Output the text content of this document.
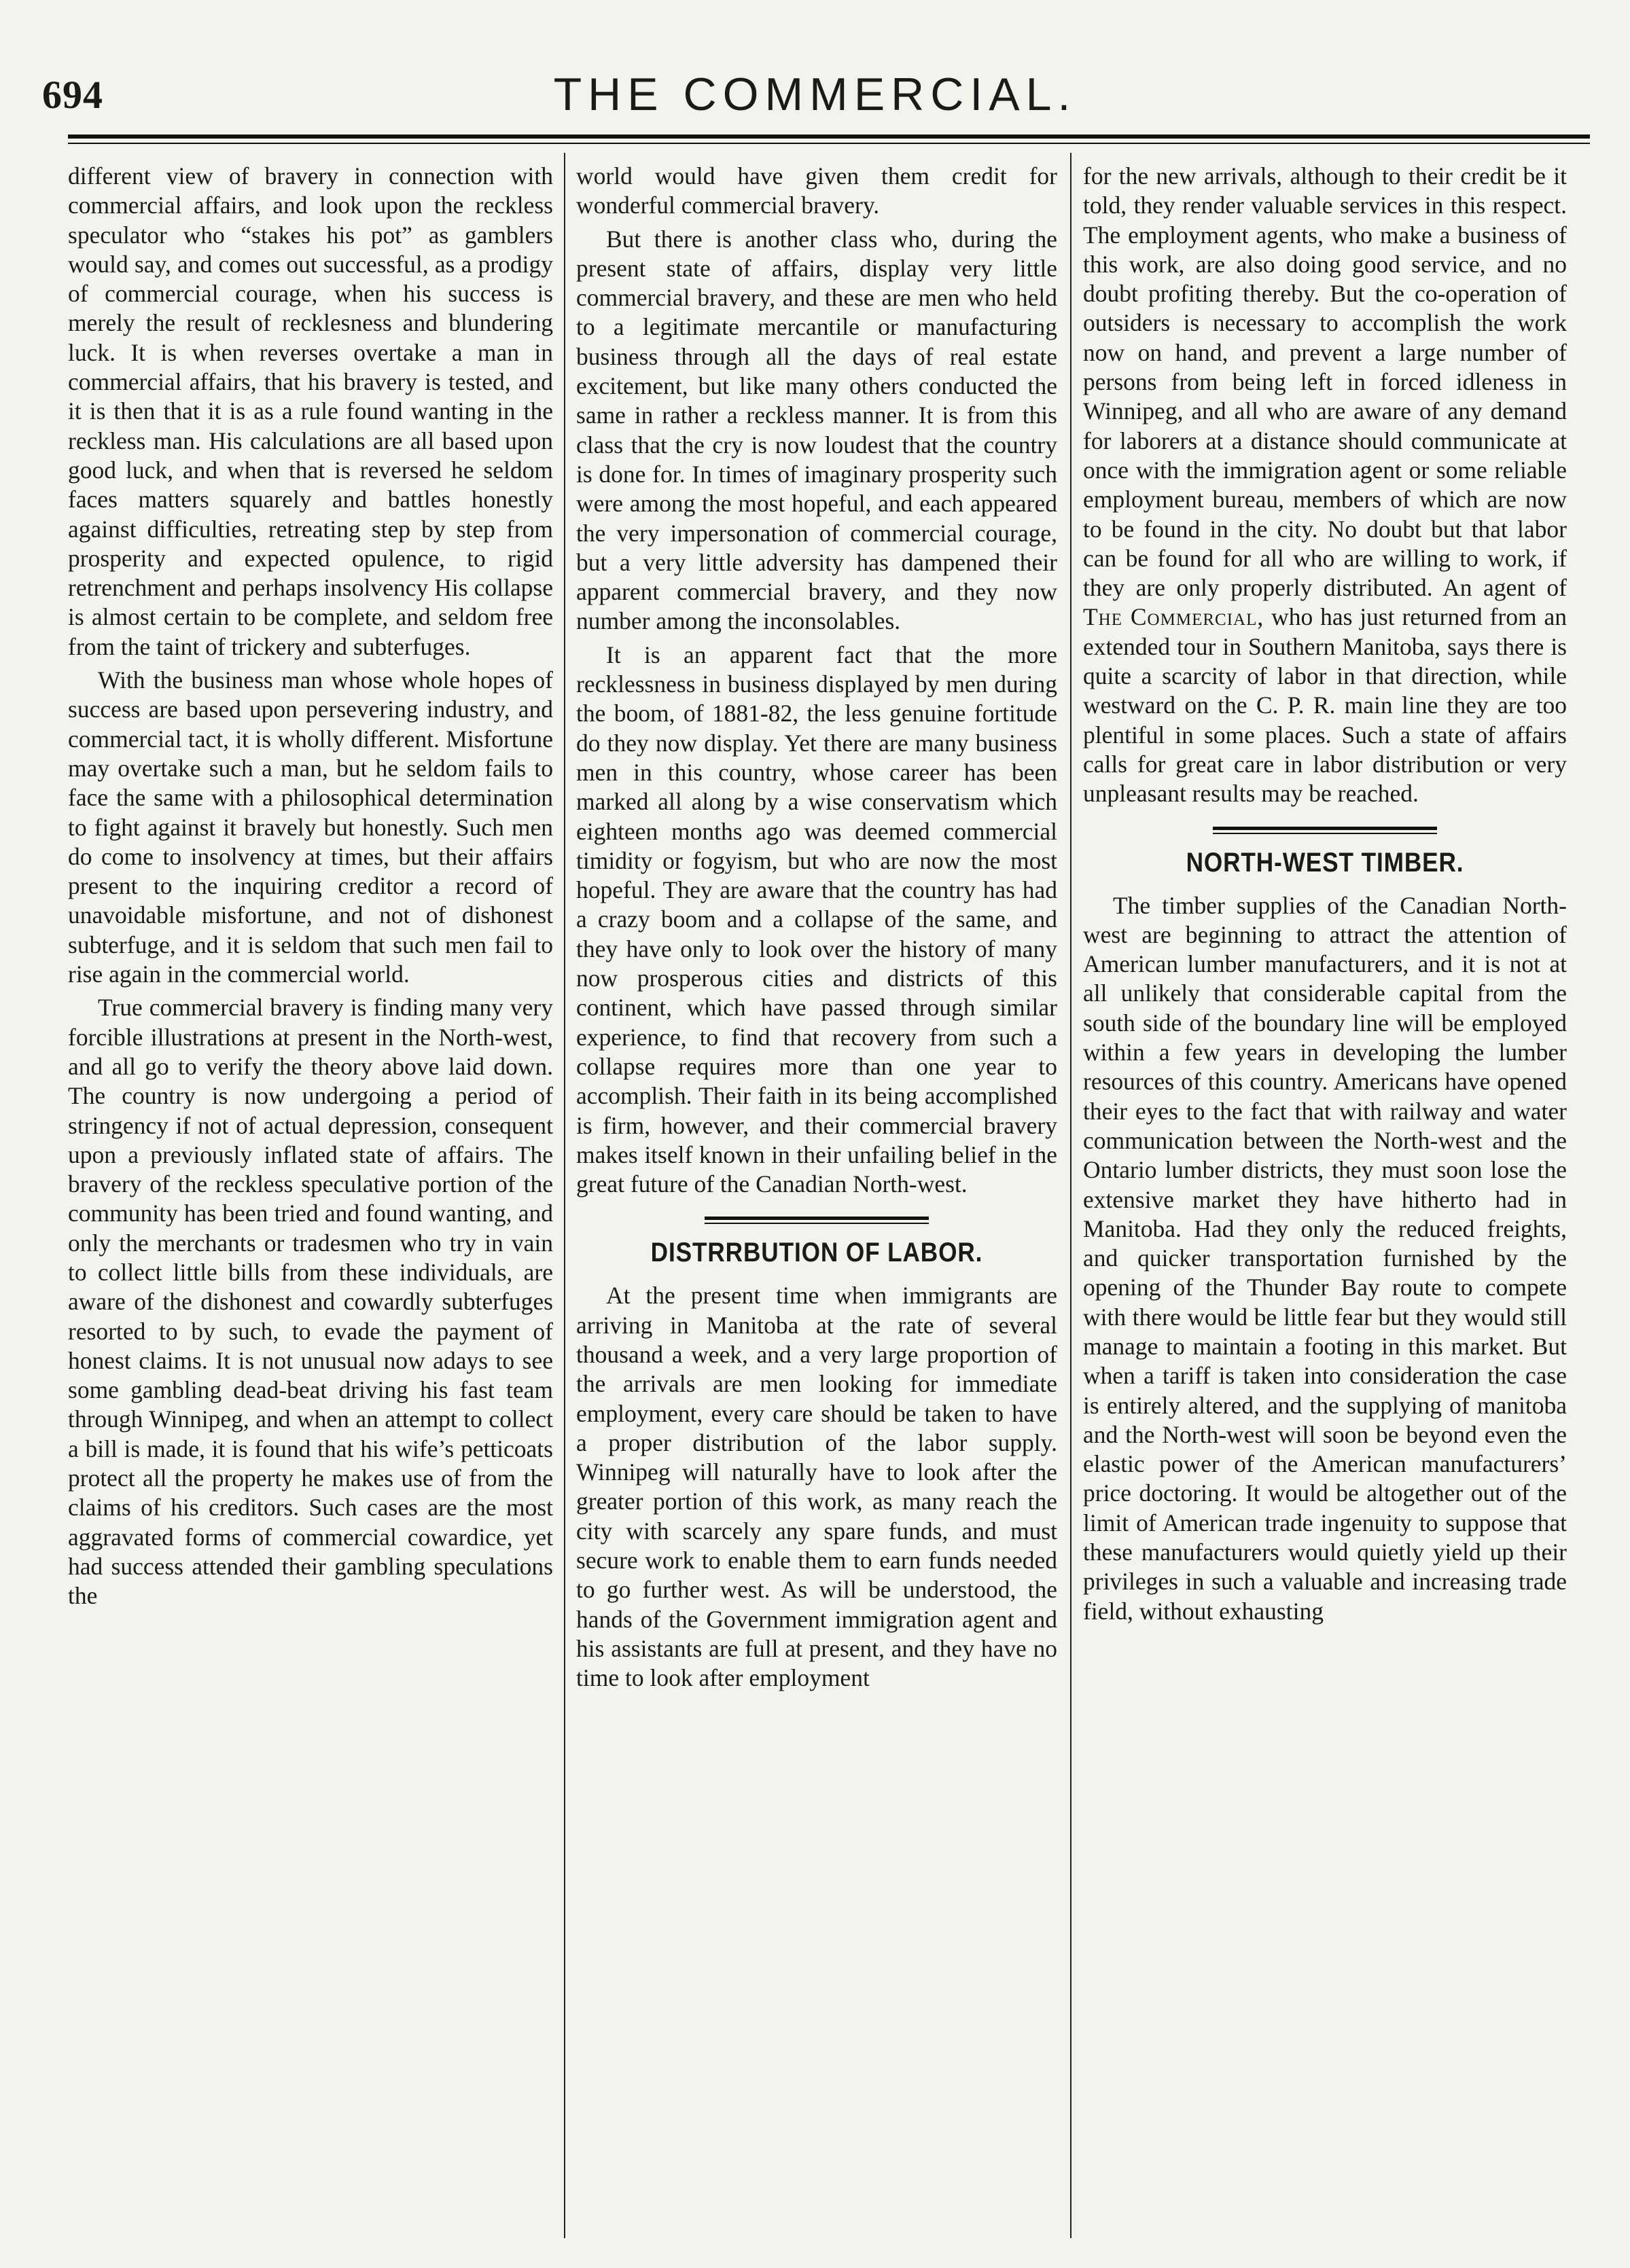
694	THE COMMERCIAL.

different view of bravery in connection with commercial affairs, and look upon the reckless speculator who “stakes his pot” as gamblers would say, and comes out successful, as a prodigy of commercial courage, when his success is merely the result of recklesness and blundering luck. It is when reverses overtake a man in commercial affairs, that his bravery is tested, and it is then that it is as a rule found wanting in the reckless man. His calculations are all based upon good luck, and when that is reversed he seldom faces matters squarely and battles honestly against difficulties, retreating step by step from prosperity and expected opulence, to rigid retrenchment and perhaps insolvency His collapse is almost certain to be complete, and seldom free from the taint of trickery and subterfuges.

With the business man whose whole hopes of success are based upon persevering industry, and commercial tact, it is wholly different. Misfortune may overtake such a man, but he seldom fails to face the same with a philosophical determination to fight against it bravely but honestly. Such men do come to insolvency at times, but their affairs present to the inquiring creditor a record of unavoidable misfortune, and not of dishonest subterfuge, and it is seldom that such men fail to rise again in the commercial world.

True commercial bravery is finding many very forcible illustrations at present in the North-west, and all go to verify the theory above laid down. The country is now undergoing a period of stringency if not of actual depression, consequent upon a previously inflated state of affairs. The bravery of the reckless speculative portion of the community has been tried and found wanting, and only the merchants or tradesmen who try in vain to collect little bills from these individuals, are aware of the dishonest and cowardly subterfuges resorted to by such, to evade the payment of honest claims. It is not unusual now adays to see some gambling dead-beat driving his fast team through Winnipeg, and when an attempt to collect a bill is made, it is found that his wife’s petticoats protect all the property he makes use of from the claims of his creditors. Such cases are the most aggravated forms of commercial cowardice, yet had success attended their gambling speculations the

world would have given them credit for wonderful commercial bravery.

But there is another class who, during the present state of affairs, display very little commercial bravery, and these are men who held to a legitimate mercantile or manufacturing business through all the days of real estate excitement, but like many others conducted the same in rather a reckless manner. It is from this class that the cry is now loudest that the country is done for. In times of imaginary prosperity such were among the most hopeful, and each appeared the very impersonation of commercial courage, but a very little adversity has dampened their apparent commercial bravery, and they now number among the inconsolables.

It is an apparent fact that the more recklessness in business displayed by men during the boom, of 1881-82, the less genuine fortitude do they now display. Yet there are many business men in this country, whose career has been marked all along by a wise conservatism which eighteen months ago was deemed commercial timidity or fogyism, but who are now the most hopeful. They are aware that the country has had a crazy boom and a collapse of the same, and they have only to look over the history of many now prosperous cities and districts of this continent, which have passed through similar experience, to find that recovery from such a collapse requires more than one year to accomplish. Their faith in its being accomplished is firm, however, and their commercial bravery makes itself known in their unfailing belief in the great future of the Canadian North-west.

DISTRRBUTION OF LABOR.

At the present time when immigrants are arriving in Manitoba at the rate of several thousand a week, and a very large proportion of the arrivals are men looking for immediate employment, every care should be taken to have a proper distribution of the labor supply. Winnipeg will naturally have to look after the greater portion of this work, as many reach the city with scarcely any spare funds, and must secure work to enable them to earn funds needed to go further west. As will be understood, the hands of the Government immigration agent and his assistants are full at present, and they have no time to look after employment

for the new arrivals, although to their credit be it told, they render valuable services in this respect. The employment agents, who make a business of this work, are also doing good service, and no doubt profiting thereby. But the co-operation of outsiders is necessary to accomplish the work now on hand, and prevent a large number of persons from being left in forced idleness in Winnipeg, and all who are aware of any demand for laborers at a distance should communicate at once with the immigration agent or some reliable employment bureau, members of which are now to be found in the city. No doubt but that labor can be found for all who are willing to work, if they are only properly distributed. An agent of The Commercial, who has just returned from an extended tour in Southern Manitoba, says there is quite a scarcity of labor in that direction, while westward on the C. P. R. main line they are too plentiful in some places. Such a state of affairs calls for great care in labor distribution or very unpleasant results may be reached.

NORTH-WEST TIMBER.

The timber supplies of the Canadian North-west are beginning to attract the attention of American lumber manufacturers, and it is not at all unlikely that considerable capital from the south side of the boundary line will be employed within a few years in developing the lumber resources of this country. Americans have opened their eyes to the fact that with railway and water communication between the North-west and the Ontario lumber districts, they must soon lose the extensive market they have hitherto had in Manitoba. Had they only the reduced freights, and quicker transportation furnished by the opening of the Thunder Bay route to compete with there would be little fear but they would still manage to maintain a footing in this market. But when a tariff is taken into consideration the case is entirely altered, and the supplying of manitoba and the North-west will soon be beyond even the elastic power of the American manufacturers’ price doctoring. It would be altogether out of the limit of American trade ingenuity to suppose that these manufacturers would quietly yield up their privileges in such a valuable and increasing trade field, without exhausting
